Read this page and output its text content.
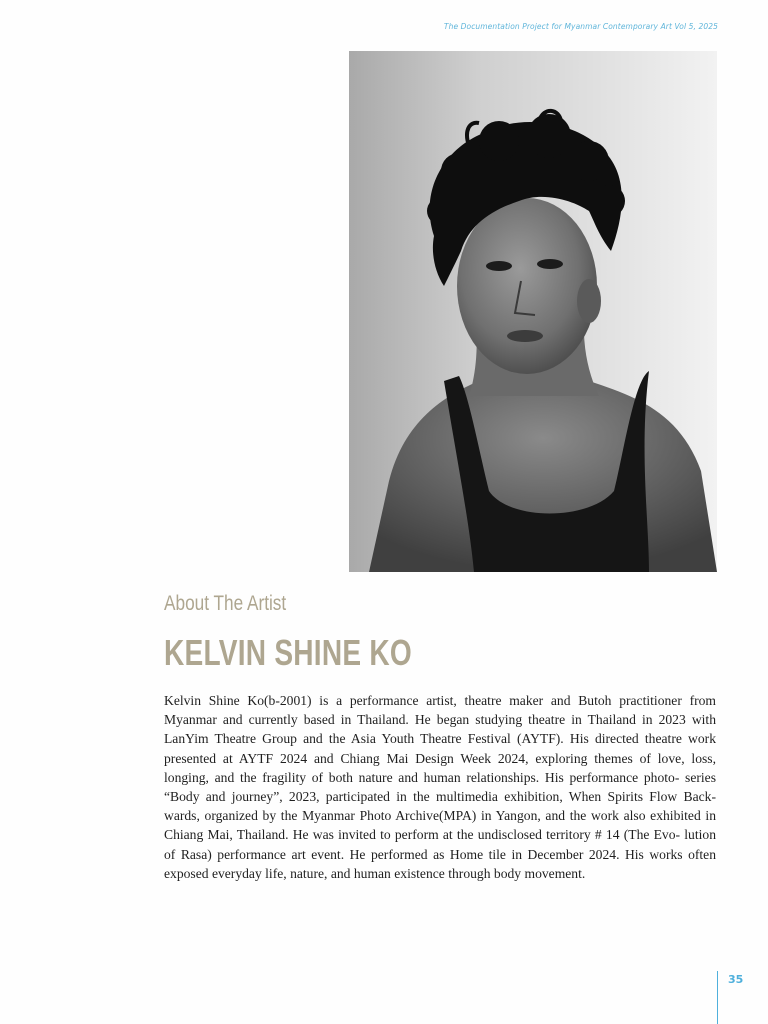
The Documentation Project for Myanmar Contemporary Art Vol 5, 2025
About The Artist
KELVIN SHINE KO

Kelvin Shine Ko(b-2001) is a performance artist, theatre maker and Butoh practitioner from Myanmar and currently based in Thailand. He began studying theatre in Thailand in 2023 with LanYim Theatre Group and the Asia Youth Theatre Festival (AYTF). His directed theatre work presented at AYTF 2024 and Chiang Mai Design Week 2024, exploring themes of love, loss, longing, and the fragility of both nature and human relationships. His performance photo- series “Body and journey”, 2023, participated in the multimedia exhibition, When Spirits Flow Back- wards, organized by the Myanmar Photo Archive(MPA) in Yangon, and the work also exhibited in Chiang Mai, Thailand. He was invited to perform at the undisclosed territory # 14 (The Evo- lution of Rasa) performance art event. He performed as Home tile in December 2024. His works often exposed everyday life, nature, and human existence through body movement.

35
